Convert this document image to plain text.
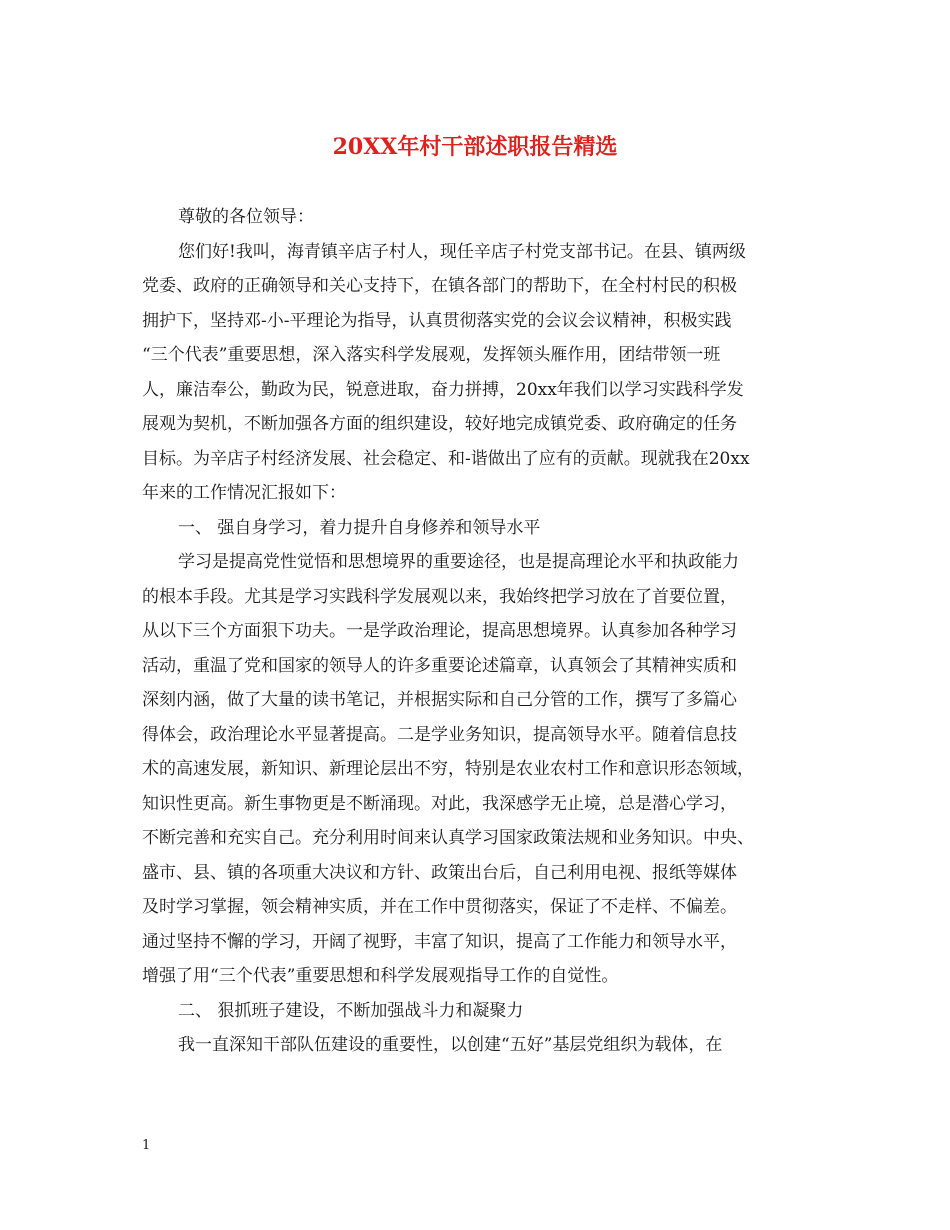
20XX年村干部述职报告精选
尊敬的各位领导：
您们好!我叫，海青镇辛店子村人，现任辛店子村党支部书记。在县、镇两级
党委、政府的正确领导和关心支持下，在镇各部门的帮助下，在全村村民的积极
拥护下，坚持邓-小-平理论为指导，认真贯彻落实党的会议会议精神，积极实践
“三个代表”重要思想，深入落实科学发展观，发挥领头雁作用，团结带领一班
人，廉洁奉公，勤政为民，锐意进取，奋力拼搏，20xx年我们以学习实践科学发
展观为契机，不断加强各方面的组织建设，较好地完成镇党委、政府确定的任务
目标。为辛店子村经济发展、社会稳定、和-谐做出了应有的贡献。现就我在20xx
年来的工作情况汇报如下：
一、 强自身学习，着力提升自身修养和领导水平
学习是提高党性觉悟和思想境界的重要途径，也是提高理论水平和执政能力
的根本手段。尤其是学习实践科学发展观以来，我始终把学习放在了首要位置，
从以下三个方面狠下功夫。一是学政治理论，提高思想境界。认真参加各种学习
活动，重温了党和国家的领导人的许多重要论述篇章，认真领会了其精神实质和
深刻内涵，做了大量的读书笔记，并根据实际和自己分管的工作，撰写了多篇心
得体会，政治理论水平显著提高。二是学业务知识，提高领导水平。随着信息技
术的高速发展，新知识、新理论层出不穷，特别是农业农村工作和意识形态领域，
知识性更高。新生事物更是不断涌现。对此，我深感学无止境，总是潜心学习，
不断完善和充实自己。充分利用时间来认真学习国家政策法规和业务知识。中央、
盛市、县、镇的各项重大决议和方针、政策出台后，自己利用电视、报纸等媒体
及时学习掌握，领会精神实质，并在工作中贯彻落实，保证了不走样、不偏差。
通过坚持不懈的学习，开阔了视野，丰富了知识，提高了工作能力和领导水平，
增强了用“三个代表”重要思想和科学发展观指导工作的自觉性。
二、 狠抓班子建设，不断加强战斗力和凝聚力
我一直深知干部队伍建设的重要性，以创建“五好”基层党组织为载体，在
1
